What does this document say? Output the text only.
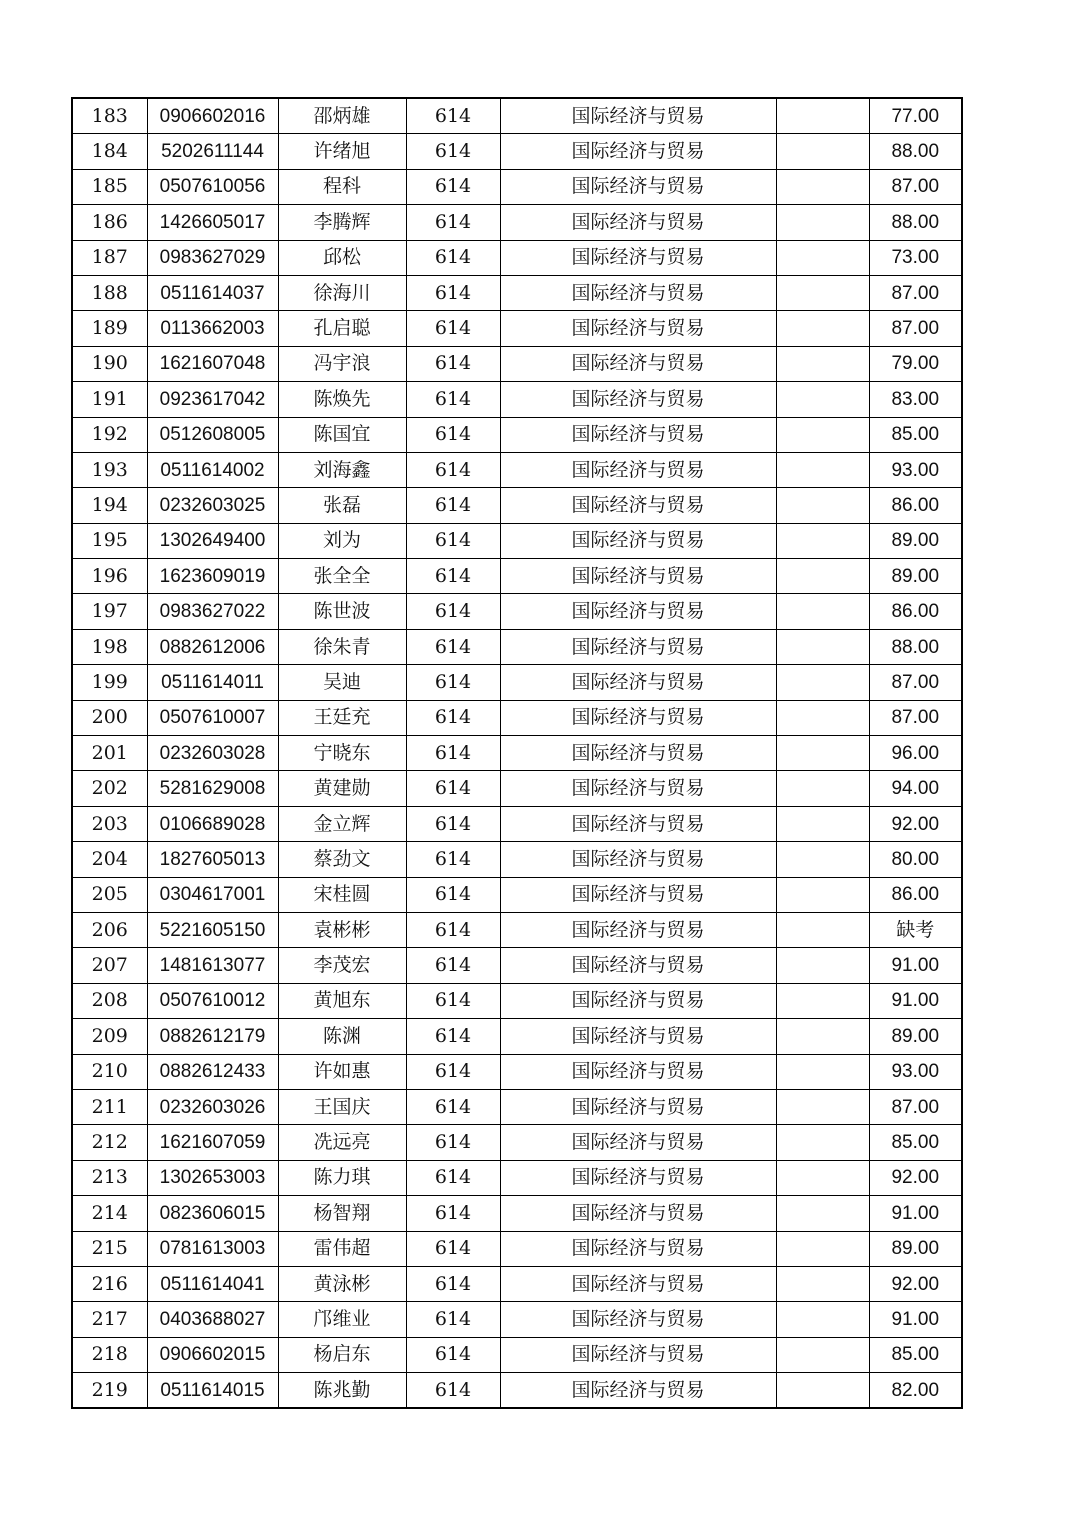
183	0906602016	邵炳雄	614	国际经济与贸易		77.00
184	5202611144	许绪旭	614	国际经济与贸易		88.00
185	0507610056	程科	614	国际经济与贸易		87.00
186	1426605017	李腾辉	614	国际经济与贸易		88.00
187	0983627029	邱松	614	国际经济与贸易		73.00
188	0511614037	徐海川	614	国际经济与贸易		87.00
189	0113662003	孔启聪	614	国际经济与贸易		87.00
190	1621607048	冯宇浪	614	国际经济与贸易		79.00
191	0923617042	陈焕先	614	国际经济与贸易		83.00
192	0512608005	陈国宜	614	国际经济与贸易		85.00
193	0511614002	刘海鑫	614	国际经济与贸易		93.00
194	0232603025	张磊	614	国际经济与贸易		86.00
195	1302649400	刘为	614	国际经济与贸易		89.00
196	1623609019	张全全	614	国际经济与贸易		89.00
197	0983627022	陈世波	614	国际经济与贸易		86.00
198	0882612006	徐朱青	614	国际经济与贸易		88.00
199	0511614011	吴迪	614	国际经济与贸易		87.00
200	0507610007	王廷充	614	国际经济与贸易		87.00
201	0232603028	宁晓东	614	国际经济与贸易		96.00
202	5281629008	黄建勋	614	国际经济与贸易		94.00
203	0106689028	金立辉	614	国际经济与贸易		92.00
204	1827605013	蔡劲文	614	国际经济与贸易		80.00
205	0304617001	宋桂圆	614	国际经济与贸易		86.00
206	5221605150	袁彬彬	614	国际经济与贸易		缺考
207	1481613077	李茂宏	614	国际经济与贸易		91.00
208	0507610012	黄旭东	614	国际经济与贸易		91.00
209	0882612179	陈渊	614	国际经济与贸易		89.00
210	0882612433	许如惠	614	国际经济与贸易		93.00
211	0232603026	王国庆	614	国际经济与贸易		87.00
212	1621607059	冼远亮	614	国际经济与贸易		85.00
213	1302653003	陈力琪	614	国际经济与贸易		92.00
214	0823606015	杨智翔	614	国际经济与贸易		91.00
215	0781613003	雷伟超	614	国际经济与贸易		89.00
216	0511614041	黄泳彬	614	国际经济与贸易		92.00
217	0403688027	邝维业	614	国际经济与贸易		91.00
218	0906602015	杨启东	614	国际经济与贸易		85.00
219	0511614015	陈兆勤	614	国际经济与贸易		82.00
